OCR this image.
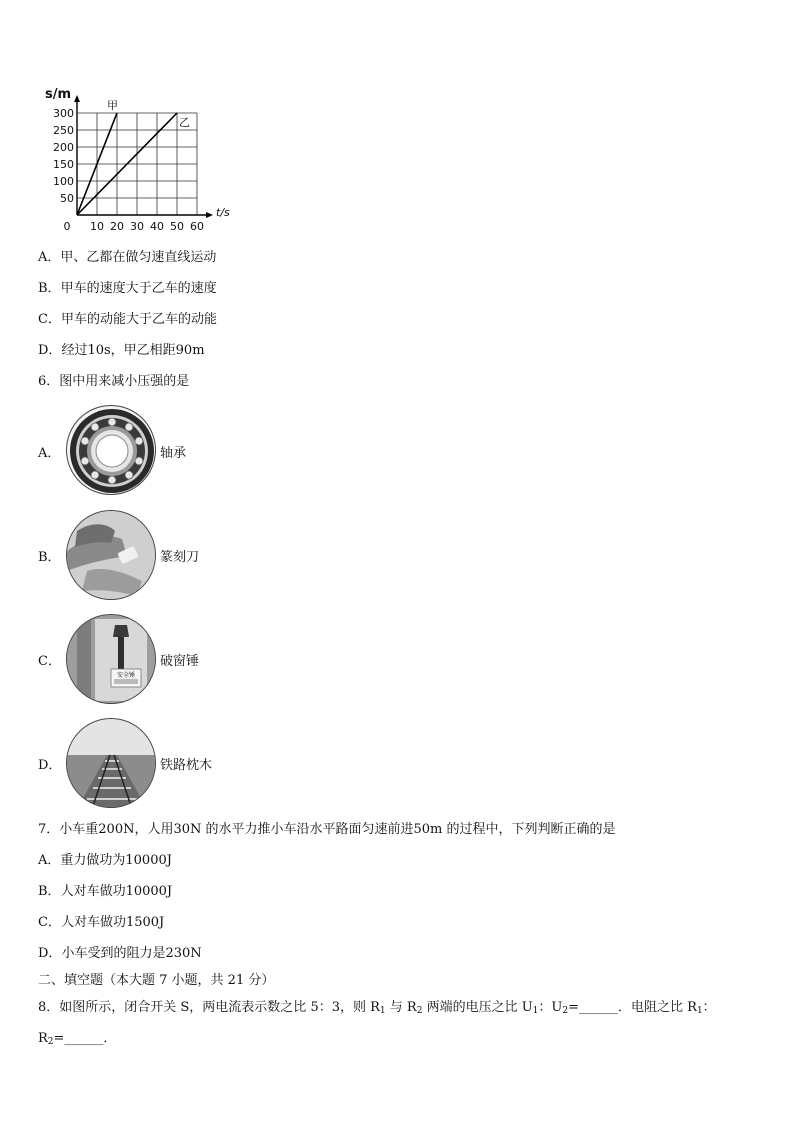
0 10 20 30 40 50 60
50
100
150
200
250
300
s/m
t/s
甲
乙
A．甲、乙都在做匀速直线运动
B．甲车的速度大于乙车的速度
C．甲车的动能大于乙车的动能
D．经过10s，甲乙相距90m
6．图中用来减小压强的是
A．	轴承
B．	篆刻刀
C．
安全锤
破窗锤
D．	铁路枕木
7．小车重200N，人用30N 的水平力推小车沿水平路面匀速前进50m 的过程中，下列判断正确的是
A．重力做功为10000J
B．人对车做功10000J
C．人对车做功1500J
D．小车受到的阻力是230N
二、填空题（本大题 7 小题，共 21 分）
8．如图所示，闭合开关 S，两电流表示数之比 5：3，则 $R_1$ 与 $R_2$ 两端的电压之比 $U_1$：$U_2=\_\_\_\_\_\_$．电阻之比 $R_1$：
$R_2=\_\_\_\_\_\_$．
